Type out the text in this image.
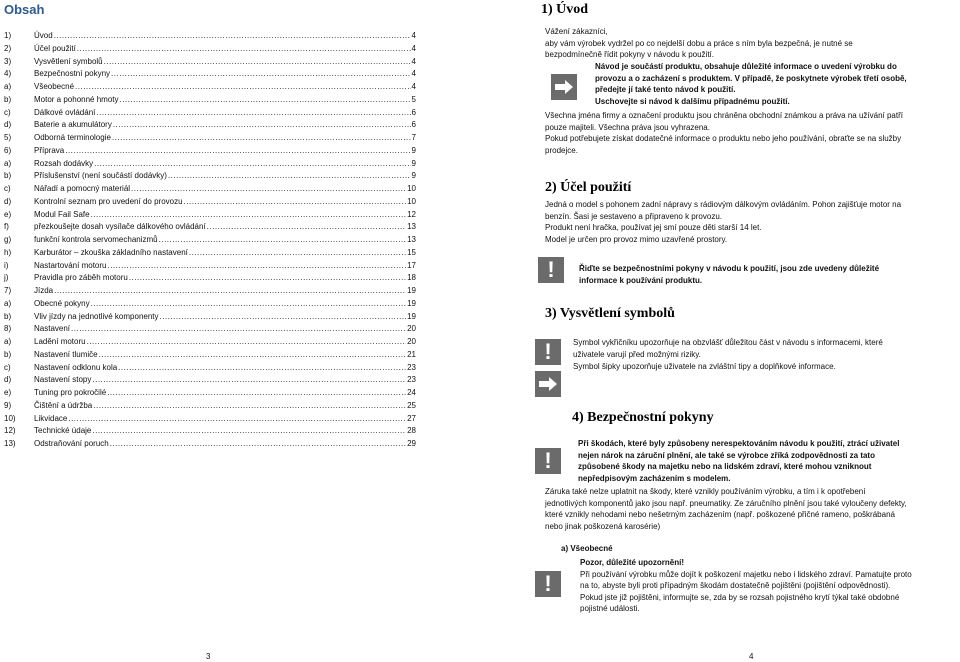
Obsah
1)	Úvod .....	4
2)	Účel použití .....	4
3)	Vysvětlení symbolů .....	4
4)	Bezpečnostní pokyny .....	4
a)	Všeobecné .....	4
b)	Motor a pohonné hmoty .....	5
c)	Dálkové ovládání .....	6
d)	Baterie a akumulátory .....	6
5)	Odborná terminologie .....	7
6)	Příprava .....	9
a)	Rozsah dodávky .....	9
b)	Příslušenství (není součástí dodávky) .....	9
c)	Nářadí a pomocný materiál .....	10
d)	Kontrolní seznam pro uvedení do provozu .....	10
e)	Modul Fail Safe .....	12
f)	přezkoušejte dosah vysílače dálkového ovládání .....	13
g)	funkční kontrola servomechanizmů .....	13
h)	Karburátor – zkouška základního nastavení .....	15
i)	Nastartování motoru .....	17
j)	Pravidla pro záběh motoru .....	18
7)	Jízda .....	19
a)	Obecné pokyny .....	19
b)	Vliv jízdy na jednotlivé komponenty .....	19
8)	Nastavení .....	20
a)	Ladění motoru .....	20
b)	Nastavení tlumiče .....	21
c)	Nastavení odklonu kola .....	23
d)	Nastavení stopy .....	23
e)	Tuning pro pokročilé .....	24
9)	Čištění a údržba .....	25
10)	Likvidace .....	27
12)	Technické údaje .....	28
13)	Odstraňování poruch .....	29
3
1) Úvod

Vážení zákazníci,

aby vám výrobek vydržel po co nejdelší dobu a práce s ním byla bezpečná, je nutné se

bezpodmínečně řídit pokyny v návodu k použití.

Návod je součástí produktu, obsahuje důležité informace o uvedení výrobku do

provozu a o zacházení s produktem. V případě, že poskytnete výrobek třetí osobě,

předejte jí také tento návod k použití.

Uschovejte si návod k dalšímu případnému použití.

Všechna jména firmy a označení produktu jsou chráněna obchodní známkou a práva na užívání patří

pouze majiteli. Všechna práva jsou vyhrazena.

Pokud potřebujete získat dodatečné informace o produktu nebo jeho používání, obraťte se na služby

prodejce.

2) Účel použití

Jedná o model s pohonem zadní nápravy s rádiovým dálkovým ovládáním. Pohon zajišťuje motor na

benzín. Šasi je sestaveno a připraveno k provozu.

Produkt není hračka, používat jej smí pouze děti starší 14 let.

Model je určen pro provoz mimo uzavřené prostory.

!	Řiďte se bezpečnostními pokyny v návodu k použití, jsou zde uvedeny důležité

informace k používání produktu.

3) Vysvětlení symbolů
!	Symbol vykřičníku upozorňuje na obzvlášť důležitou část v návodu s informacemi, které

uživatele varují před možnými riziky.

Symbol šipky upozorňuje uživatele na zvláštní tipy a doplňkové informace.
4) Bezpečnostní pokyny
!

Při škodách, které byly způsobeny nerespektováním návodu k použití, ztrácí uživatel

nejen nárok na záruční plnění, ale také se výrobce zříká zodpovědnosti za tato

způsobené škody na majetku nebo na lidském zdraví, které mohou vzniknout

nepředpisovým zacházením s modelem.

Záruka také nelze uplatnit na škody, které vznikly používáním výrobku, a tím i k opotřebení

jednotlivých komponentů jako jsou např. pneumatiky. Ze záručního plnění jsou také vyloučeny defekty,

které vznikly nehodami nebo nešetrným zacházením (např. poškozené přičné rameno, poškrábaná

nebo jinak poškozená karosérie)

a) Všeobecné
!

Pozor, důležité upozornění!

Při používání výrobku může dojít k poškození majetku nebo i lidského zdraví. Pamatujte proto

na to, abyste byli proti případným škodám dostatečně pojištěni (pojištění odpovědnosti).

Pokud jste již pojištěni, informujte se, zda by se rozsah pojistného krytí týkal také obdobné

pojistné události.

4
